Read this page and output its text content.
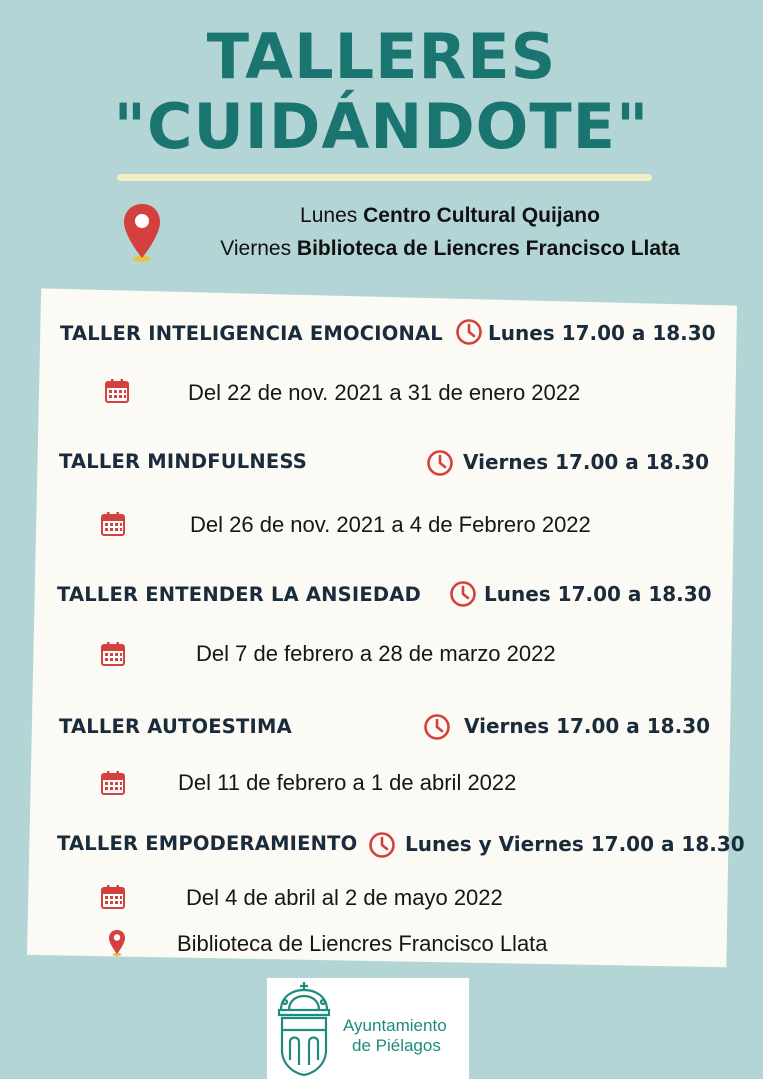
TALLERES
"CUIDÁNDOTE"
Lunes Centro Cultural Quijano
Viernes Biblioteca de Liencres Francisco Llata
TALLER INTELIGENCIA EMOCIONAL Lunes 17.00 a 18.30
Del 22 de nov. 2021 a 31 de enero 2022
TALLER MINDFULNESS	Viernes 17.00 a 18.30
Del 26 de nov. 2021 a 4 de Febrero 2022
TALLER ENTENDER LA ANSIEDAD	Lunes 17.00 a 18.30
Del 7 de febrero a 28 de marzo 2022
TALLER AUTOESTIMA	Viernes 17.00 a 18.30
Del 11 de febrero a 1 de abril 2022
TALLER EMPODERAMIENTO Lunes y Viernes 17.00 a 18.30
Del 4 de abril al 2 de mayo 2022
Biblioteca de Liencres Francisco Llata
Ayuntamiento
de Piélagos
